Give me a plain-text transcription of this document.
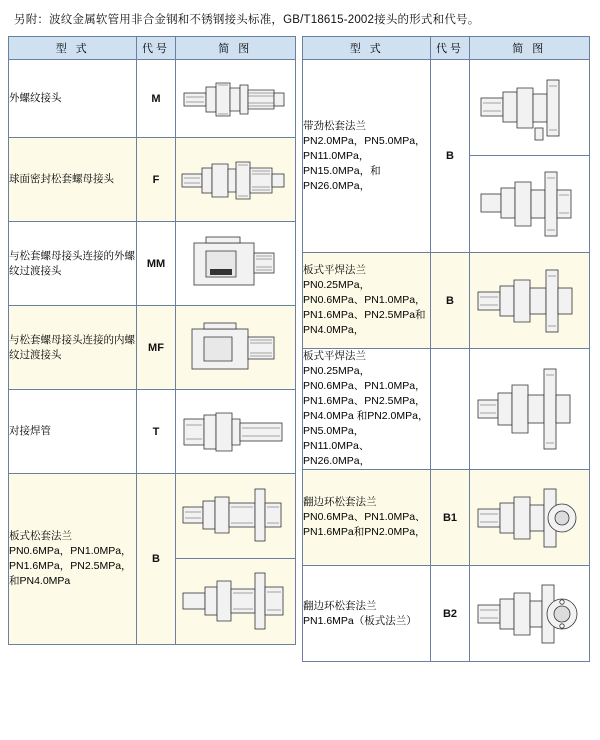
另附：波纹金属软管用非合金钢和不锈钢接头标准，GB/T18615-2002接头的形式和代号。
型 式	代号	简 图

外螺纹接头	M	

球面密封松套螺母接头	F	

与松套螺母接头连接的外螺纹过渡接头	MM	

与松套螺母接头连接的内螺纹过渡接头	MF	

对接焊管	T	

板式松套法兰
PN0.6MPa，PN1.0MPa，PN1.6MPa，PN2.5MPa，和PN4.0MPa	B	
型 式	代号	简 图

带劲松套法兰
PN2.0MPa，PN5.0MPa，PN11.0MPa，PN15.0MPa，和PN26.0MPa，	B	

板式平焊法兰
PN0.25MPa，PN0.6MPa、PN1.0MPa，PN1.6MPa、PN2.5MPa和PN4.0MPa，	B	

板式平焊法兰
PN0.25MPa，PN0.6MPa、PN1.0MPa，PN1.6MPa、PN2.5MPa，PN4.0MPa 和PN2.0MPa，PN5.0MPa，PN11.0MPa、PN26.0MPa，

翻边环松套法兰
PN0.6MPa、PN1.0MPa、PN1.6MPa和PN2.0MPa，	B1	

翻边环松套法兰
PN1.6MPa（板式法兰）	B2	
